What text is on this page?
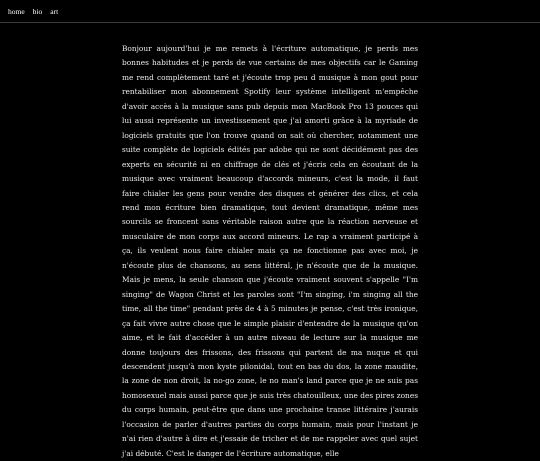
home bio art

Bonjour aujourd'hui je me remets à l'écriture automatique, je perds mes bonnes habitudes et je perds de vue certains de mes objectifs car le Gaming me rend complètement taré et j'écoute trop peu d musique à mon gout pour rentabiliser mon abonnement Spotify leur système intelligent m'empêche d'avoir accès à la musique sans pub depuis mon MacBook Pro 13 pouces qui lui aussi représente un investissement que j'ai amorti grâce à la myriade de logiciels gratuits que l'on trouve quand on sait où chercher, notamment une suite complète de logiciels édités par adobe qui ne sont décidément pas des experts en sécurité ni en chiffrage de clés et j'écris cela en écoutant de la musique avec vraiment beaucoup d'accords mineurs, c'est la mode, il faut faire chialer les gens pour vendre des disques et générer des clics, et cela rend mon écriture bien dramatique, tout devient dramatique, même mes sourcils se froncent sans véritable raison autre que la réaction nerveuse et musculaire de mon corps aux accord mineurs. Le rap a vraiment participé à ça, ils veulent nous faire chialer mais ça ne fonctionne pas avec moi, je n'écoute plus de chansons, au sens littéral, je n'écoute que de la musique. Mais je mens, la seule chanson que j'écoute vraiment souvent s'appelle "I'm singing" de Wagon Christ et les paroles sont "I'm singing, i'm singing all the time, all the time" pendant près de 4 à 5 minutes je pense, c'est très ironique, ça fait vivre autre chose que le simple plaisir d'entendre de la musique qu'on aime, et le fait d'accéder à un autre niveau de lecture sur la musique me donne toujours des frissons, des frissons qui partent de ma nuque et qui descendent jusqu'à mon kyste pilonidal, tout en bas du dos, la zone maudite, la zone de non droit, la no-go zone, le no man's land parce que je ne suis pas homosexuel mais aussi parce que je suis très chatouilleux, une des pires zones du corps humain, peut-être que dans une prochaine transe littéraire j'aurais l'occasion de parler d'autres parties du corps humain, mais pour l'instant je n'ai rien d'autre à dire et j'essaie de tricher et de me rappeler avec quel sujet j'ai débuté. C'est le danger de l'écriture automatique, elle
